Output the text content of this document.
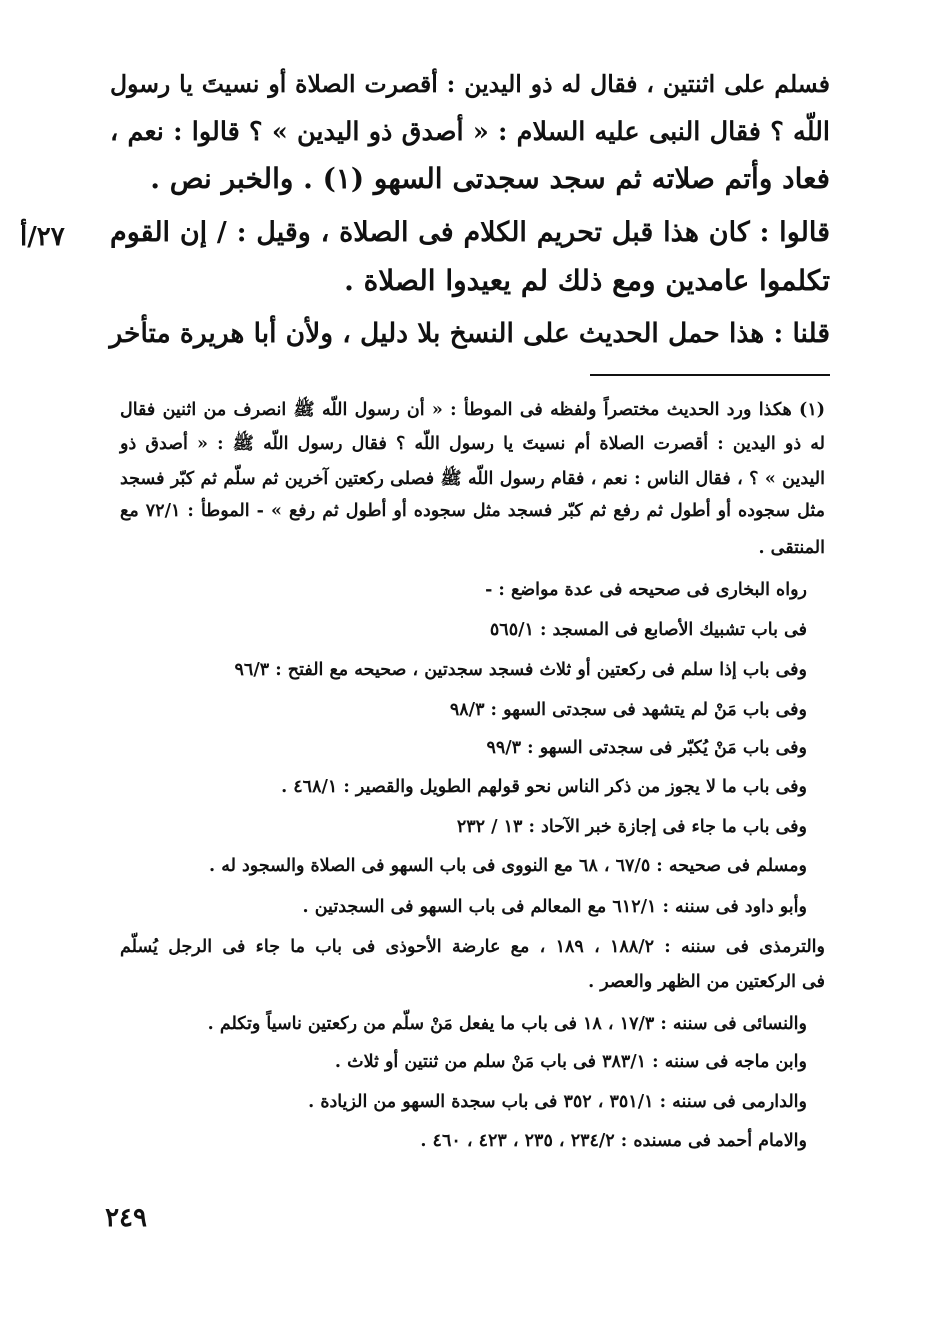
فسلم على اثنتين ، فقال له ذو اليدين : أقصرت الصلاة أو نسيتَ يا رسول

اللّه ؟ فقال النبى عليه السلام : « أصدق ذو اليدين » ؟ قالوا : نعم ،

فعاد وأتم صلاته ثم سجد سجدتى السهو (١) . والخبر نص .

قالوا : كان هذا قبل تحريم الكلام فى الصلاة ، وقيل : / إن القوم

تكلموا عامدين ومع ذلك لم يعيدوا الصلاة .

قلنا : هذا حمل الحديث على النسخ بلا دليل ، ولأن أبا هريرة متأخر

٢٧/أ

(١) هكذا ورد الحديث مختصراً ولفظه فى الموطأ : « أن رسول اللّه ﷺ انصرف من اثنين فقال

له ذو اليدين : أقصرت الصلاة أم نسيتَ يا رسول اللّه ؟ فقال رسول اللّه ﷺ : « أصدق ذو

اليدين » ؟ ، فقال الناس : نعم ، فقام رسول اللّه ﷺ فصلى ركعتين آخرين ثم سلّم ثم كبّر فسجد

مثل سجوده أو أطول ثم رفع ثم كبّر فسجد مثل سجوده أو أطول ثم رفع » - الموطأ : ٧٢/١ مع

المنتقى .

رواه البخارى فى صحيحه فى عدة مواضع : -

فى باب تشبيك الأصابع فى المسجد : ٥٦٥/١

وفى باب إذا سلم فى ركعتين أو ثلاث فسجد سجدتين ، صحيحه مع الفتح : ٩٦/٣

وفى باب مَنْ لم يتشهد فى سجدتى السهو : ٩٨/٣

وفى باب مَنْ يُكبّر فى سجدتى السهو : ٩٩/٣

وفى باب ما لا يجوز من ذكر الناس نحو قولهم الطويل والقصير : ٤٦٨/١ .

وفى باب ما جاء فى إجازة خبر الآحاد : ١٣ / ٢٣٢

ومسلم فى صحيحه : ٦٧/٥ ، ٦٨ مع النووى فى باب السهو فى الصلاة والسجود له .

وأبو داود فى سننه : ٦١٢/١ مع المعالم فى باب السهو فى السجدتين .

والترمذى فى سننه : ١٨٨/٢ ، ١٨٩ ، مع عارضة الأحوذى فى باب ما جاء فى الرجل يُسلّم

فى الركعتين من الظهر والعصر .

والنسائى فى سننه : ١٧/٣ ، ١٨ فى باب ما يفعل مَنْ سلّم من ركعتين ناسياً وتكلم .

وابن ماجه فى سننه : ٣٨٣/١ فى باب مَنْ سلم من ثنتين أو ثلاث .

والدارمى فى سننه : ٣٥١/١ ، ٣٥٢ فى باب سجدة السهو من الزيادة .

والامام أحمد فى مسنده : ٢٣٤/٢ ، ٢٣٥ ، ٤٢٣ ، ٤٦٠ .

٢٤٩
